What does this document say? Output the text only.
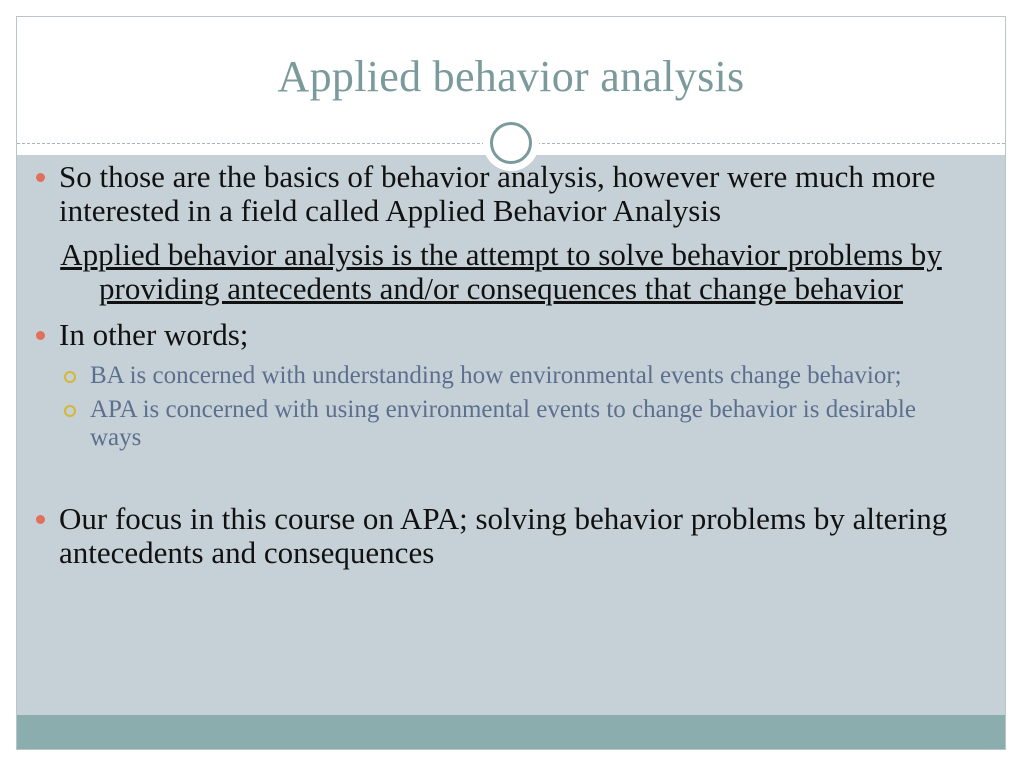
Applied behavior analysis
So those are the basics of behavior analysis, however were much more interested in a field called Applied Behavior Analysis
Applied behavior analysis is the attempt to solve behavior problems by providing antecedents and/or consequences that change behavior
In other words;
BA is concerned with understanding how environmental events change behavior;
APA is concerned with using environmental events to change behavior is desirable ways
Our focus in this course on APA; solving behavior problems by altering antecedents and consequences
